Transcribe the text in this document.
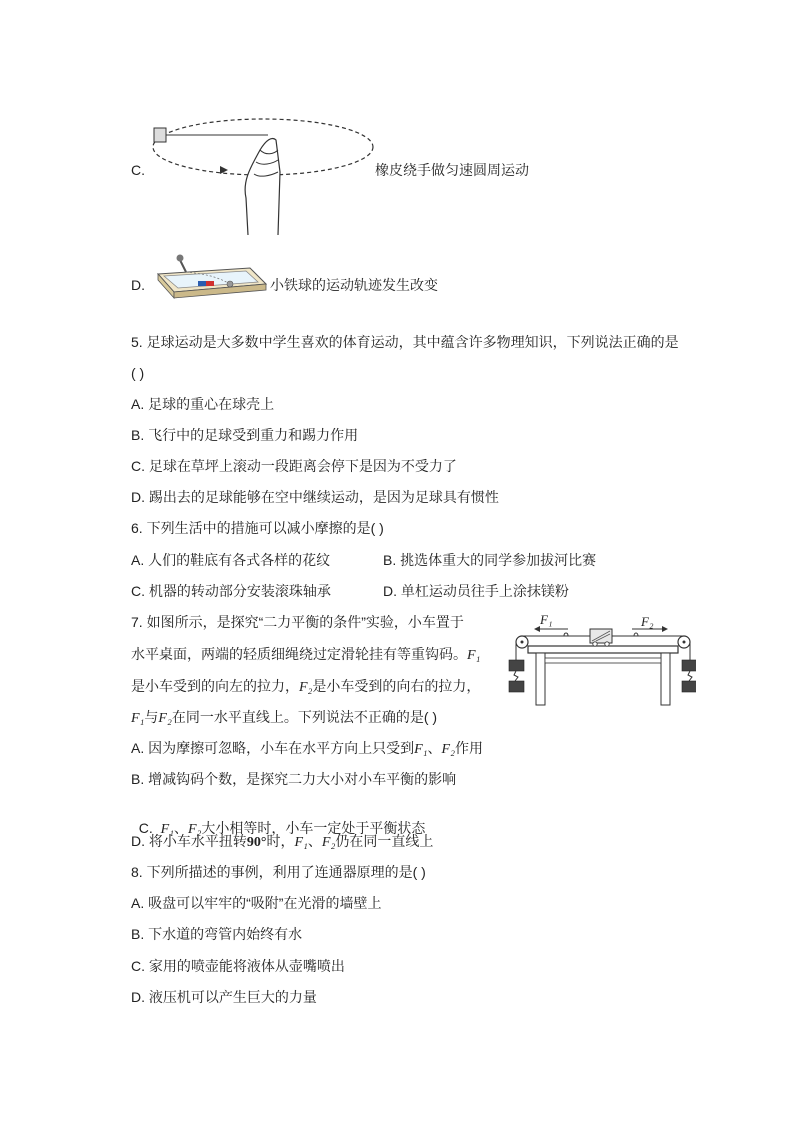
C.	橡皮绕手做匀速圆周运动
D.	小铁球的运动轨迹发生改变
5. 足球运动是大多数中学生喜欢的体育运动，其中蕴含许多物理知识，下列说法正确的是
( )
A. 足球的重心在球壳上
B. 飞行中的足球受到重力和踢力作用
C. 足球在草坪上滚动一段距离会停下是因为不受力了
D. 踢出去的足球能够在空中继续运动，是因为足球具有惯性
6. 下列生活中的措施可以减小摩擦的是( )
A. 人们的鞋底有各式各样的花纹	B. 挑选体重大的同学参加拔河比赛
C. 机器的转动部分安装滚珠轴承	D. 单杠运动员往手上涂抹镁粉
7. 如图所示，是探究“二力平衡的条件”实验，小车置于
水平桌面，两端的轻质细绳绕过定滑轮挂有等重钩码。F₁
是小车受到的向左的拉力，F₂是小车受到的向右的拉力，
F₁与F₂在同一水平直线上。下列说法不正确的是( )
A. 因为摩擦可忽略，小车在水平方向上只受到F₁、F₂作用
B. 增减钩码个数，是探究二力大小对小车平衡的影响

C.  F₁、F₂大小相等时，小车一定处于平衡状态

D. 将小车水平扭转90°时，F₁、F₂仍在同一直线上
F₁	F₂
8. 下列所描述的事例，利用了连通器原理的是( )
A. 吸盘可以牢牢的“吸附”在光滑的墙壁上
B. 下水道的弯管内始终有水
C. 家用的喷壶能将液体从壶嘴喷出
D. 液压机可以产生巨大的力量
